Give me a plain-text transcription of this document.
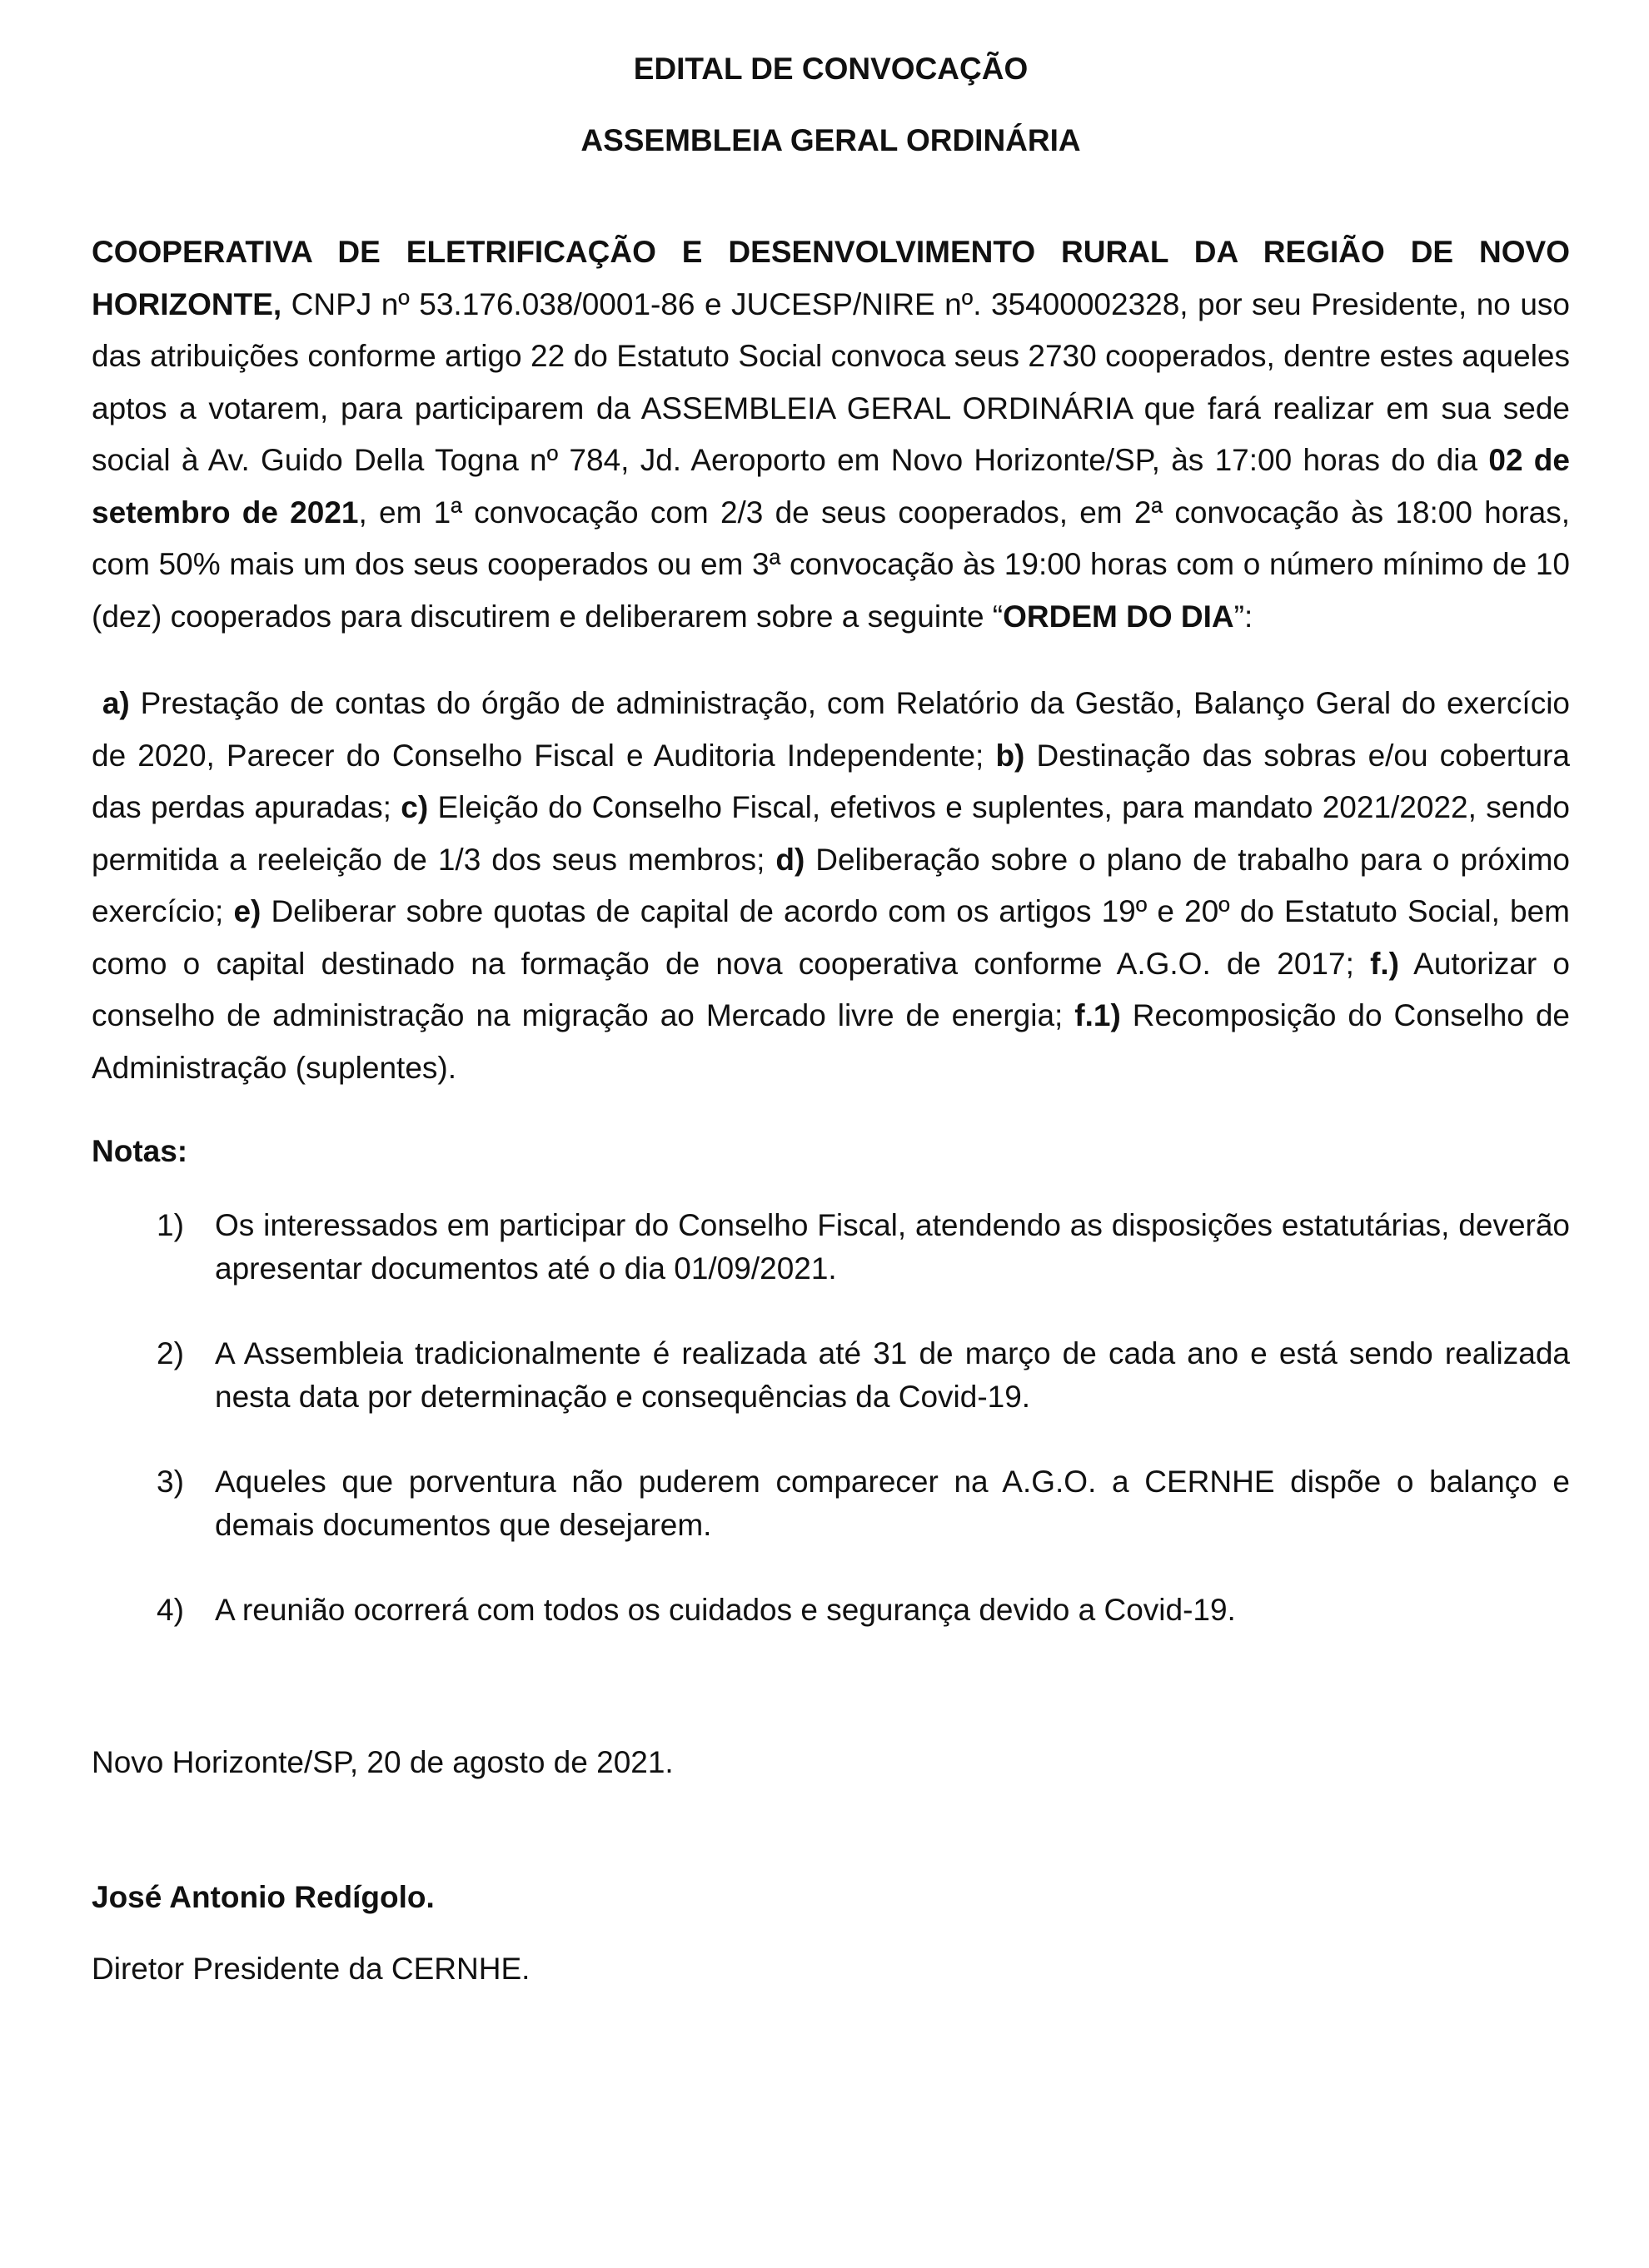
EDITAL DE CONVOCAÇÃO

ASSEMBLEIA GERAL ORDINÁRIA

COOPERATIVA DE ELETRIFICAÇÃO E DESENVOLVIMENTO RURAL DA REGIÃO DE NOVO HORIZONTE, CNPJ nº 53.176.038/0001-86 e JUCESP/NIRE nº. 35400002328, por seu Presidente, no uso das atribuições conforme artigo 22 do Estatuto Social convoca seus 2730 cooperados, dentre estes aqueles aptos a votarem, para participarem da ASSEMBLEIA GERAL ORDINÁRIA que fará realizar em sua sede social à Av. Guido Della Togna nº 784, Jd. Aeroporto em Novo Horizonte/SP, às 17:00 horas do dia 02 de setembro de 2021, em 1ª convocação com 2/3 de seus cooperados, em 2ª convocação às 18:00 horas, com 50% mais um dos seus cooperados ou em 3ª convocação às 19:00 horas com o número mínimo de 10 (dez) cooperados para discutirem e deliberarem sobre a seguinte “ORDEM DO DIA”:

a) Prestação de contas do órgão de administração, com Relatório da Gestão, Balanço Geral do exercício de 2020, Parecer do Conselho Fiscal e Auditoria Independente; b) Destinação das sobras e/ou cobertura das perdas apuradas; c) Eleição do Conselho Fiscal, efetivos e suplentes, para mandato 2021/2022, sendo permitida a reeleição de 1/3 dos seus membros; d) Deliberação sobre o plano de trabalho para o próximo exercício; e) Deliberar sobre quotas de capital de acordo com os artigos 19º e 20º do Estatuto Social, bem como o capital destinado na formação de nova cooperativa conforme A.G.O. de 2017; f.) Autorizar o conselho de administração na migração ao Mercado livre de energia; f.1) Recomposição do Conselho de Administração (suplentes).

Notas:

1) Os interessados em participar do Conselho Fiscal, atendendo as disposições estatutárias, deverão apresentar documentos até o dia 01/09/2021.
2) A Assembleia tradicionalmente é realizada até 31 de março de cada ano e está sendo realizada nesta data por determinação e consequências da Covid-19.
3) Aqueles que porventura não puderem comparecer na A.G.O. a CERNHE dispõe o balanço e demais documentos que desejarem.
4) A reunião ocorrerá com todos os cuidados e segurança devido a Covid-19.

Novo Horizonte/SP, 20 de agosto de 2021.

José Antonio Redígolo.

Diretor Presidente da CERNHE.
